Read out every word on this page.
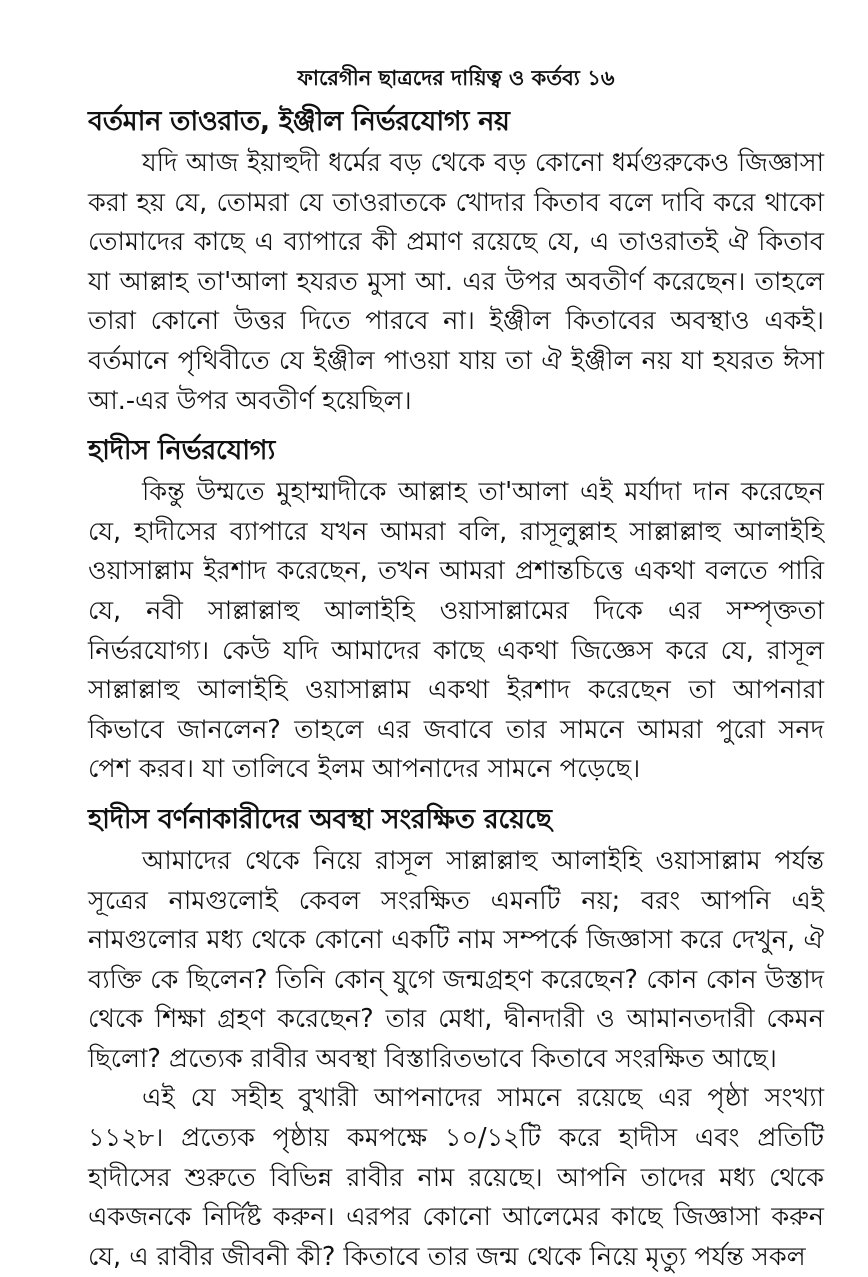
ফারেগীন ছাত্রদের দায়িত্ব ও কর্তব্য ১৬
বর্তমান তাওরাত, ইঞ্জীল নির্ভরযোগ্য নয়

যদি আজ ইয়াহুদী ধর্মের বড় থেকে বড় কোনো ধর্মগুরুকেও জিজ্ঞাসা করা হয় যে, তোমরা যে তাওরাতকে খোদার কিতাব বলে দাবি করে থাকো তোমাদের কাছে এ ব্যাপারে কী প্রমাণ রয়েছে যে, এ তাওরাতই ঐ কিতাব যা আল্লাহ তা'আলা হযরত মুসা আ. এর উপর অবতীর্ণ করেছেন। তাহলে তারা কোনো উত্তর দিতে পারবে না। ইঞ্জীল কিতাবের অবস্থাও একই। বর্তমানে পৃথিবীতে যে ইঞ্জীল পাওয়া যায় তা ঐ ইঞ্জীল নয় যা হযরত ঈসা আ.-এর উপর অবতীর্ণ হয়েছিল।

হাদীস নির্ভরযোগ্য

কিন্তু উম্মতে মুহাম্মাদীকে আল্লাহ তা'আলা এই মর্যাদা দান করেছেন যে, হাদীসের ব্যাপারে যখন আমরা বলি, রাসূলুল্লাহ সাল্লাল্লাহু আলাইহি ওয়াসাল্লাম ইরশাদ করেছেন, তখন আমরা প্রশান্তচিত্তে একথা বলতে পারি যে, নবী সাল্লাল্লাহু আলাইহি ওয়াসাল্লামের দিকে এর সম্পৃক্ততা নির্ভরযোগ্য। কেউ যদি আমাদের কাছে একথা জিজ্ঞেস করে যে, রাসূল সাল্লাল্লাহু আলাইহি ওয়াসাল্লাম একথা ইরশাদ করেছেন তা আপনারা কিভাবে জানলেন? তাহলে এর জবাবে তার সামনে আমরা পুরো সনদ পেশ করব। যা তালিবে ইলম আপনাদের সামনে পড়েছে।

হাদীস বর্ণনাকারীদের অবস্থা সংরক্ষিত রয়েছে

আমাদের থেকে নিয়ে রাসূল সাল্লাল্লাহু আলাইহি ওয়াসাল্লাম পর্যন্ত সূত্রের নামগুলোই কেবল সংরক্ষিত এমনটি নয়; বরং আপনি এই নামগুলোর মধ্য থেকে কোনো একটি নাম সম্পর্কে জিজ্ঞাসা করে দেখুন, ঐ ব্যক্তি কে ছিলেন? তিনি কোন্ যুগে জন্মগ্রহণ করেছেন? কোন কোন উস্তাদ থেকে শিক্ষা গ্রহণ করেছেন? তার মেধা, দ্বীনদারী ও আমানতদারী কেমন ছিলো? প্রত্যেক রাবীর অবস্থা বিস্তারিতভাবে কিতাবে সংরক্ষিত আছে।

এই যে সহীহ বুখারী আপনাদের সামনে রয়েছে এর পৃষ্ঠা সংখ্যা ১১২৮। প্রত্যেক পৃষ্ঠায় কমপক্ষে ১০/১২টি করে হাদীস এবং প্রতিটি হাদীসের শুরুতে বিভিন্ন রাবীর নাম রয়েছে। আপনি তাদের মধ্য থেকে একজনকে নির্দিষ্ট করুন। এরপর কোনো আলেমের কাছে জিজ্ঞাসা করুন যে, এ রাবীর জীবনী কী? কিতাবে তার জন্ম থেকে নিয়ে মৃত্যু পর্যন্ত সকল
